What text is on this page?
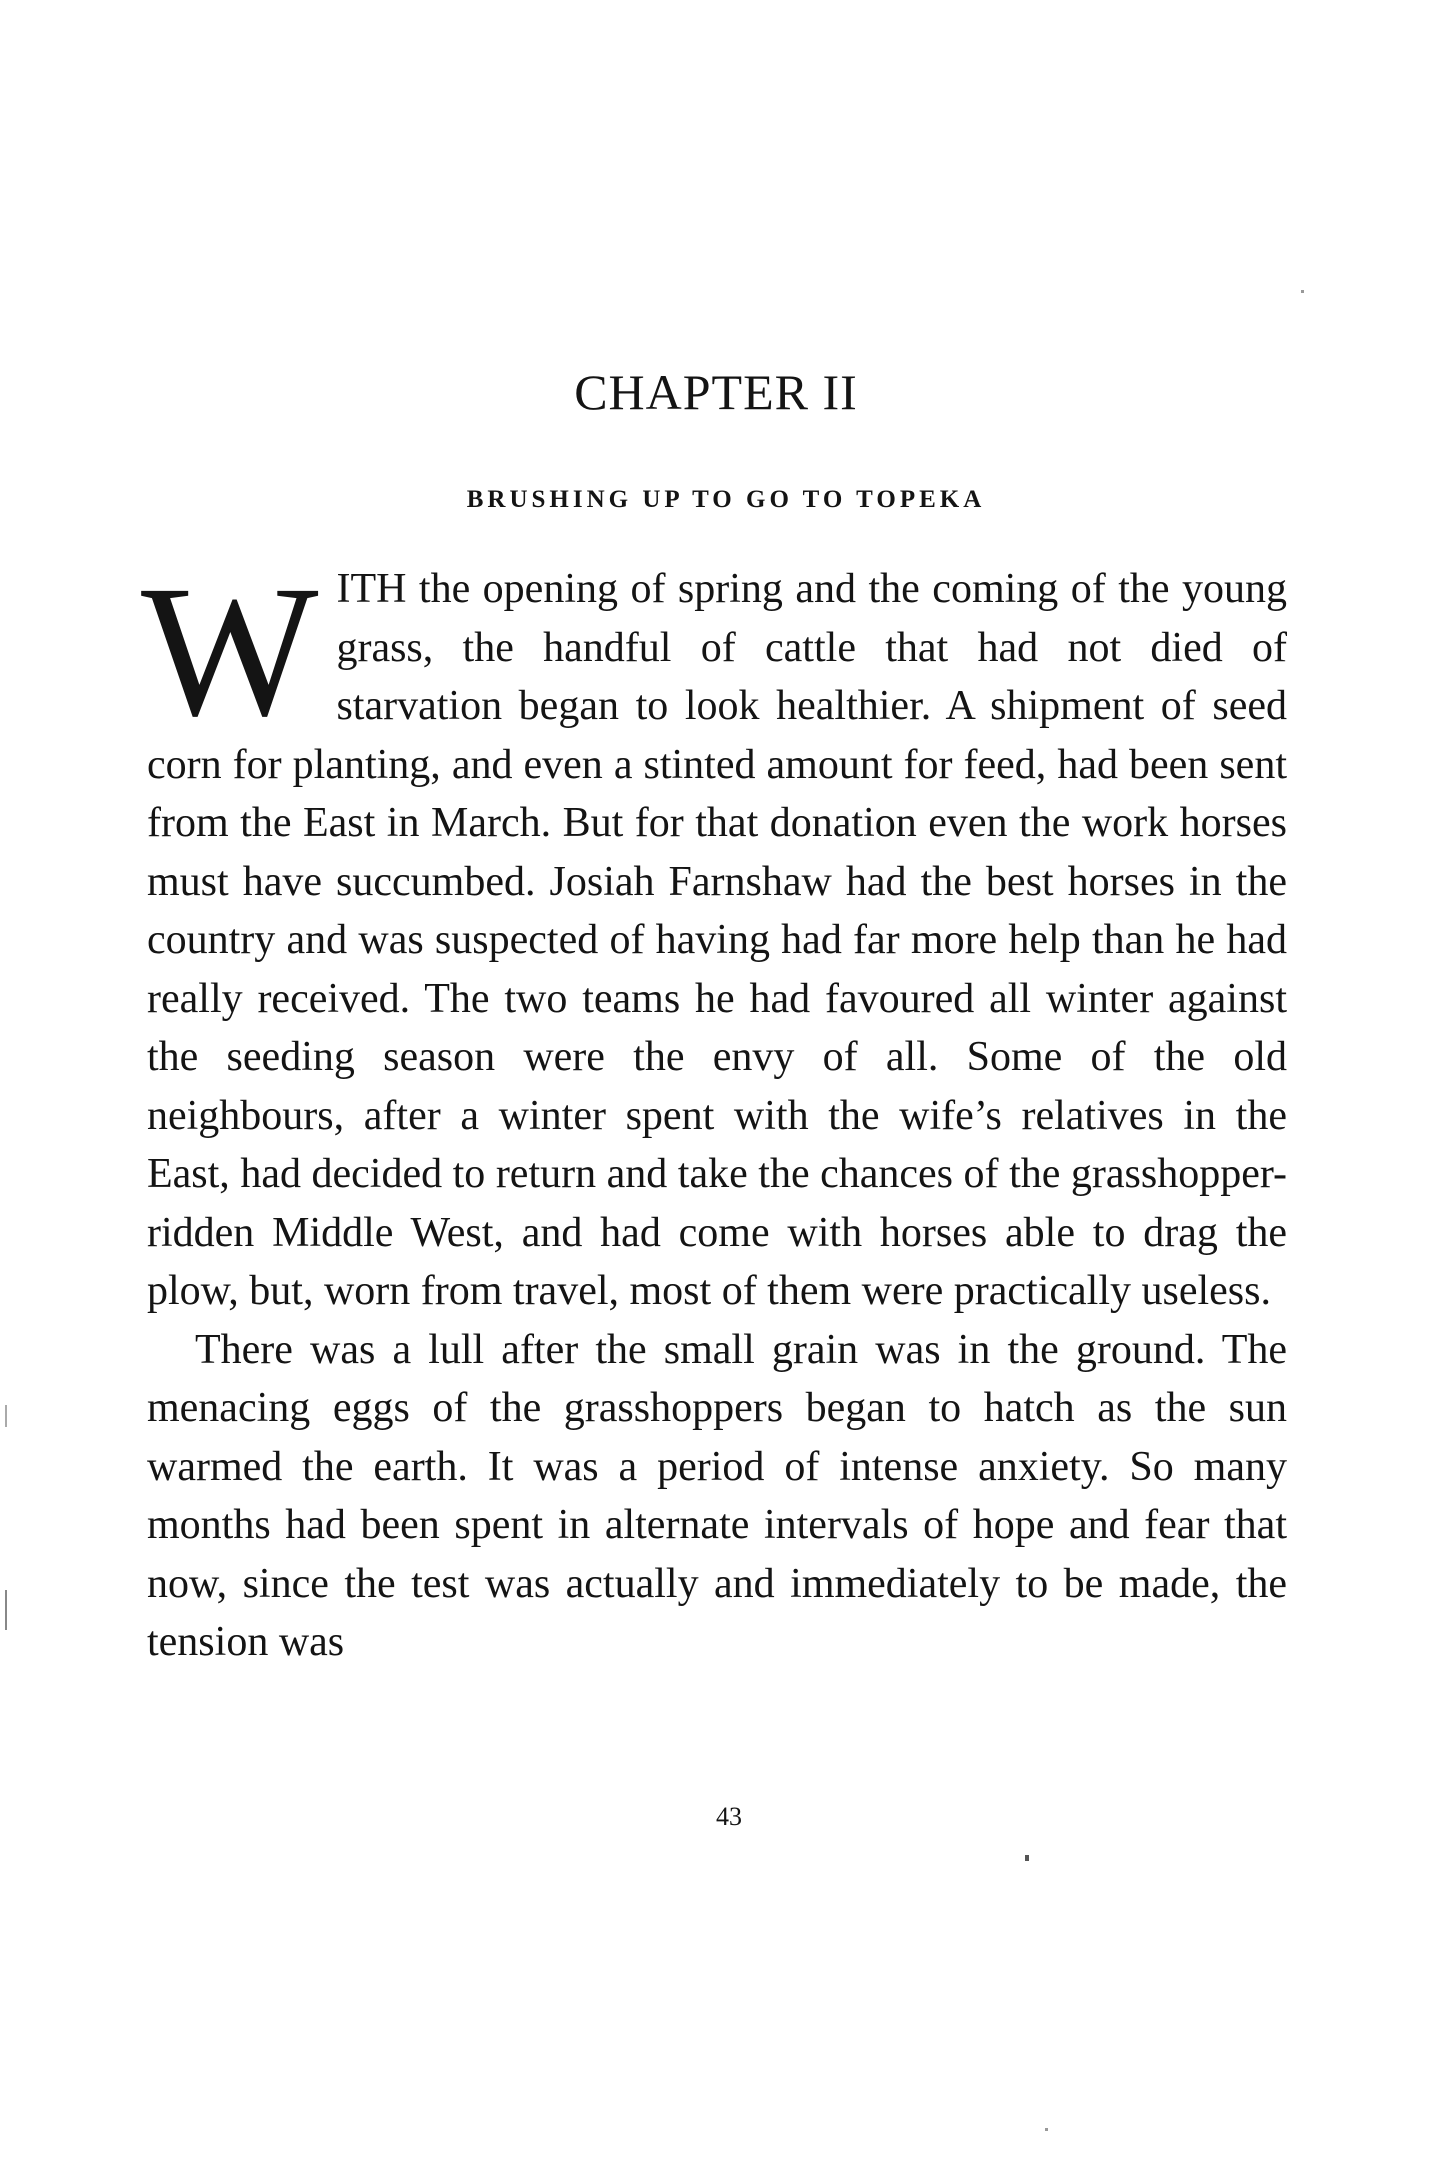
CHAPTER II
BRUSHING UP TO GO TO TOPEKA

WITH the opening of spring and the coming of the young grass, the handful of cattle that had not died of starvation began to look healthier. A shipment of seed corn for planting, and even a stinted amount for feed, had been sent from the East in March. But for that donation even the work horses must have succumbed. Josiah Farnshaw had the best horses in the country and was suspected of having had far more help than he had really received. The two teams he had favoured all winter against the seeding season were the envy of all. Some of the old neighbours, after a winter spent with the wife’s relatives in the East, had decided to return and take the chances of the grasshopper-ridden Middle West, and had come with horses able to drag the plow, but, worn from travel, most of them were practically useless.

There was a lull after the small grain was in the ground. The menacing eggs of the grasshoppers began to hatch as the sun warmed the earth. It was a period of intense anxiety. So many months had been spent in alternate intervals of hope and fear that now, since the test was actually and immediately to be made, the tension was

43
